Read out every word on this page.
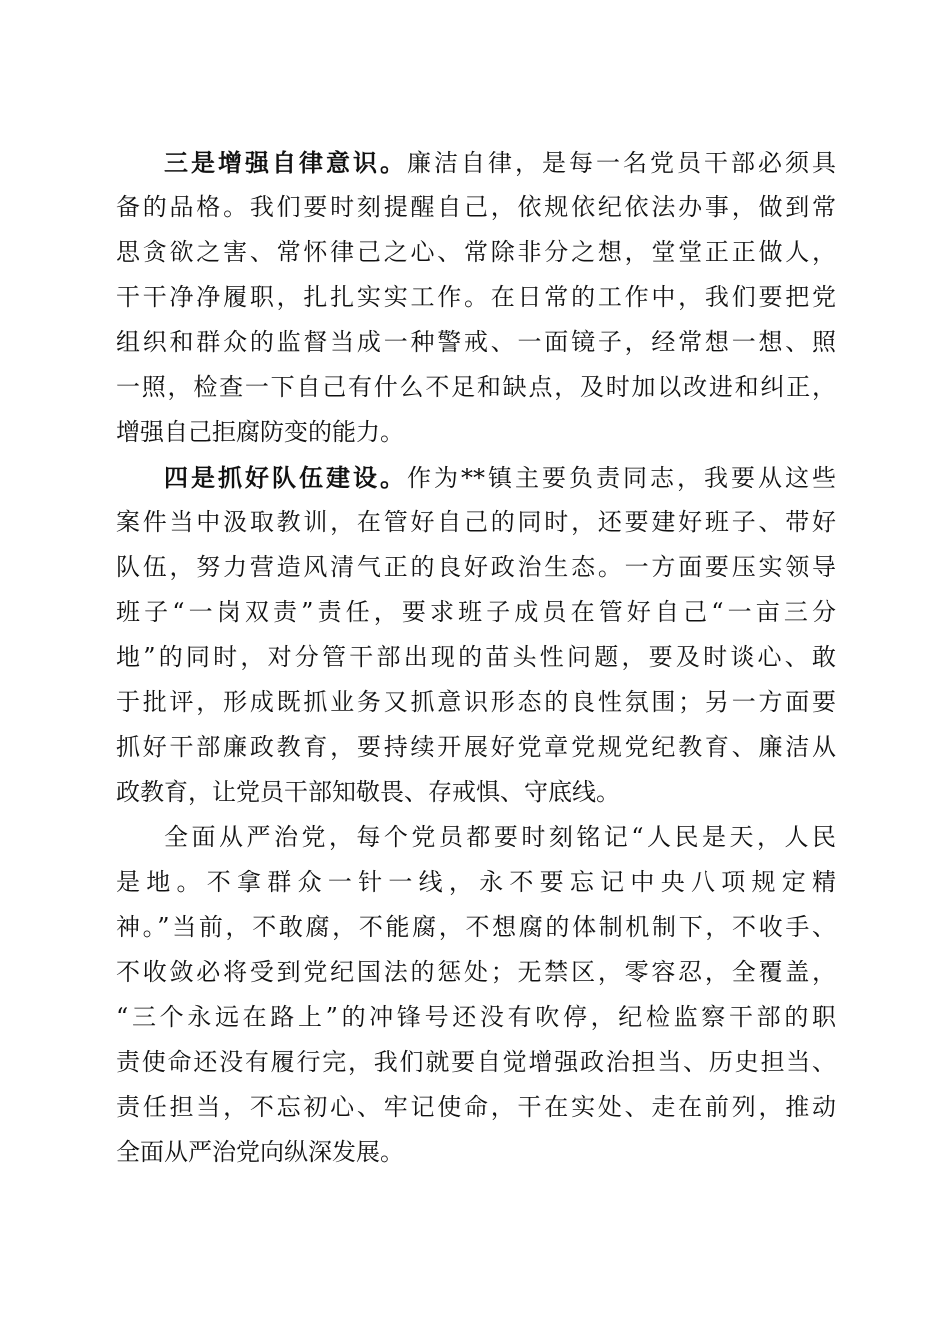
三是增强自律意识。廉洁自律，是每一名党员干部必须具
备的品格。我们要时刻提醒自己，依规依纪依法办事，做到常
思贪欲之害、常怀律己之心、常除非分之想，堂堂正正做人，
干干净净履职，扎扎实实工作。在日常的工作中，我们要把党
组织和群众的监督当成一种警戒、一面镜子，经常想一想、照
一照，检查一下自己有什么不足和缺点，及时加以改进和纠正，
增强自己拒腐防变的能力。
四是抓好队伍建设。作为**镇主要负责同志，我要从这些
案件当中汲取教训，在管好自己的同时，还要建好班子、带好
队伍，努力营造风清气正的良好政治生态。一方面要压实领导
班子“一岗双责”责任，要求班子成员在管好自己“一亩三分
地”的同时，对分管干部出现的苗头性问题，要及时谈心、敢
于批评，形成既抓业务又抓意识形态的良性氛围；另一方面要
抓好干部廉政教育，要持续开展好党章党规党纪教育、廉洁从
政教育，让党员干部知敬畏、存戒惧、守底线。
全面从严治党，每个党员都要时刻铭记“人民是天，人民
是地。不拿群众一针一线，永不要忘记中央八项规定精
神。”当前，不敢腐，不能腐，不想腐的体制机制下，不收手、
不收敛必将受到党纪国法的惩处；无禁区，零容忍，全覆盖，
“三个永远在路上”的冲锋号还没有吹停，纪检监察干部的职
责使命还没有履行完，我们就要自觉增强政治担当、历史担当、
责任担当，不忘初心、牢记使命，干在实处、走在前列，推动
全面从严治党向纵深发展。
